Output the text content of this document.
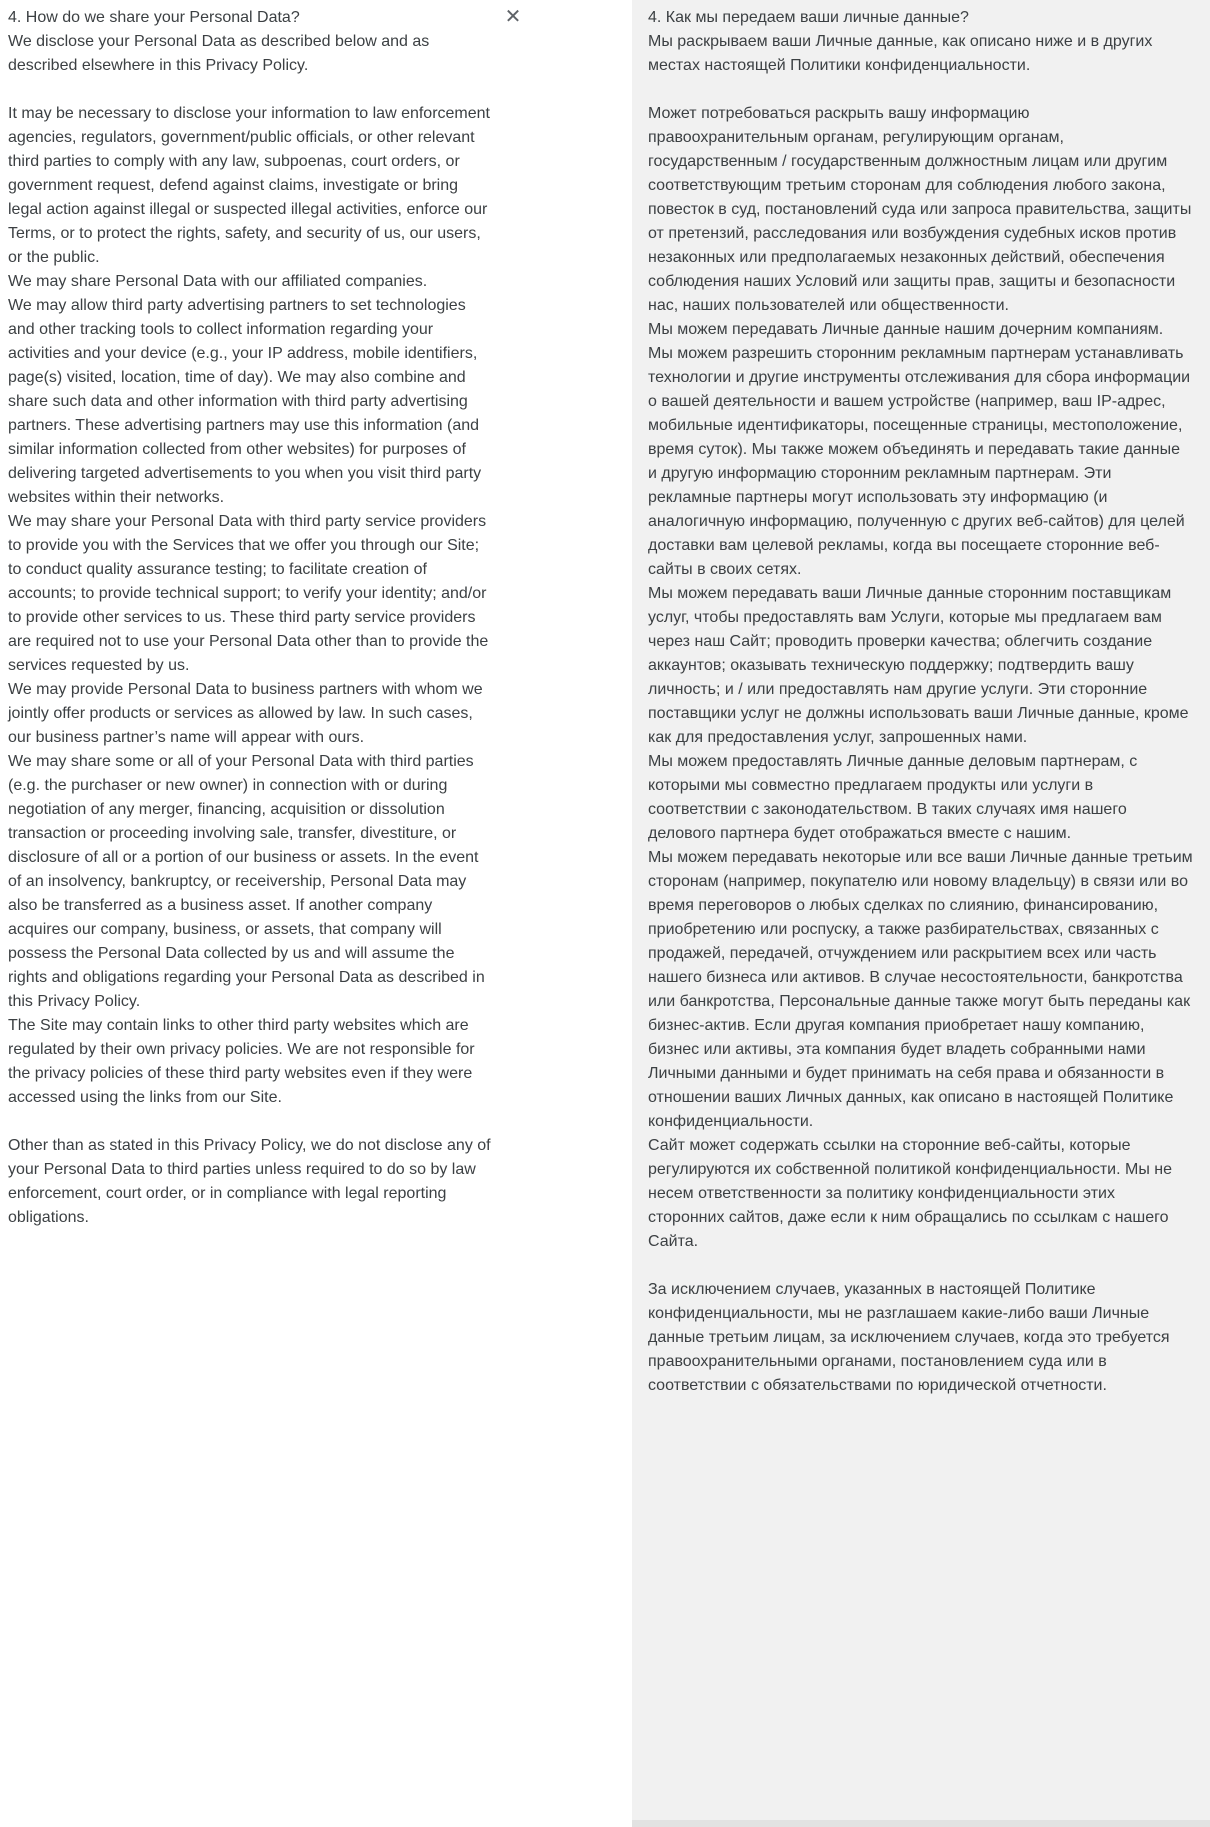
4. How do we share your Personal Data?

We disclose your Personal Data as described below and as described elsewhere in this Privacy Policy.

It may be necessary to disclose your information to law enforcement agencies, regulators, government/public officials, or other relevant third parties to comply with any law, subpoenas, court orders, or government request, defend against claims, investigate or bring legal action against illegal or suspected illegal activities, enforce our Terms, or to protect the rights, safety, and security of us, our users, or the public.

We may share Personal Data with our affiliated companies.

We may allow third party advertising partners to set technologies and other tracking tools to collect information regarding your activities and your device (e.g., your IP address, mobile identifiers, page(s) visited, location, time of day). We may also combine and share such data and other information with third party advertising partners. These advertising partners may use this information (and similar information collected from other websites) for purposes of delivering targeted advertisements to you when you visit third party websites within their networks.

We may share your Personal Data with third party service providers to provide you with the Services that we offer you through our Site; to conduct quality assurance testing; to facilitate creation of accounts; to provide technical support; to verify your identity; and/or to provide other services to us. These third party service providers are required not to use your Personal Data other than to provide the services requested by us.

We may provide Personal Data to business partners with whom we jointly offer products or services as allowed by law. In such cases, our business partner’s name will appear with ours.

We may share some or all of your Personal Data with third parties (e.g. the purchaser or new owner) in connection with or during negotiation of any merger, financing, acquisition or dissolution transaction or proceeding involving sale, transfer, divestiture, or disclosure of all or a portion of our business or assets. In the event of an insolvency, bankruptcy, or receivership, Personal Data may also be transferred as a business asset. If another company acquires our company, business, or assets, that company will possess the Personal Data collected by us and will assume the rights and obligations regarding your Personal Data as described in this Privacy Policy.

The Site may contain links to other third party websites which are regulated by their own privacy policies. We are not responsible for the privacy policies of these third party websites even if they were accessed using the links from our Site.

Other than as stated in this Privacy Policy, we do not disclose any of your Personal Data to third parties unless required to do so by law enforcement, court order, or in compliance with legal reporting obligations.

✕	4. Как мы передаем ваши личные данные?

Мы раскрываем ваши Личные данные, как описано ниже и в других местах настоящей Политики конфиденциальности.

Может потребоваться раскрыть вашу информацию правоохранительным органам, регулирующим органам, государственным / государственным должностным лицам или другим соответствующим третьим сторонам для соблюдения любого закона, повесток в суд, постановлений суда или запроса правительства, защиты от претензий, расследования или возбуждения судебных исков против незаконных или предполагаемых незаконных действий, обеспечения соблюдения наших Условий или защиты прав, защиты и безопасности нас, наших пользователей или общественности.

Мы можем передавать Личные данные нашим дочерним компаниям.

Мы можем разрешить сторонним рекламным партнерам устанавливать технологии и другие инструменты отслеживания для сбора информации о вашей деятельности и вашем устройстве (например, ваш IP-адрес, мобильные идентификаторы, посещенные страницы, местоположение, время суток). Мы также можем объединять и передавать такие данные и другую информацию сторонним рекламным партнерам. Эти рекламные партнеры могут использовать эту информацию (и аналогичную информацию, полученную с других веб-сайтов) для целей доставки вам целевой рекламы, когда вы посещаете сторонние веб-сайты в своих сетях.

Мы можем передавать ваши Личные данные сторонним поставщикам услуг, чтобы предоставлять вам Услуги, которые мы предлагаем вам через наш Сайт; проводить проверки качества; облегчить создание аккаунтов; оказывать техническую поддержку; подтвердить вашу личность; и / или предоставлять нам другие услуги. Эти сторонние поставщики услуг не должны использовать ваши Личные данные, кроме как для предоставления услуг, запрошенных нами.

Мы можем предоставлять Личные данные деловым партнерам, с которыми мы совместно предлагаем продукты или услуги в соответствии с законодательством. В таких случаях имя нашего делового партнера будет отображаться вместе с нашим.

Мы можем передавать некоторые или все ваши Личные данные третьим сторонам (например, покупателю или новому владельцу) в связи или во время переговоров о любых сделках по слиянию, финансированию, приобретению или роспуску, а также разбирательствах, связанных с продажей, передачей, отчуждением или раскрытием всех или часть нашего бизнеса или активов. В случае несостоятельности, банкротства или банкротства, Персональные данные также могут быть переданы как бизнес-актив. Если другая компания приобретает нашу компанию, бизнес или активы, эта компания будет владеть собранными нами Личными данными и будет принимать на себя права и обязанности в отношении ваших Личных данных, как описано в настоящей Политике конфиденциальности.

Сайт может содержать ссылки на сторонние веб-сайты, которые регулируются их собственной политикой конфиденциальности. Мы не несем ответственности за политику конфиденциальности этих сторонних сайтов, даже если к ним обращались по ссылкам с нашего Сайта.

За исключением случаев, указанных в настоящей Политике конфиденциальности, мы не разглашаем какие-либо ваши Личные данные третьим лицам, за исключением случаев, когда это требуется правоохранительными органами, постановлением суда или в соответствии с обязательствами по юридической отчетности.
